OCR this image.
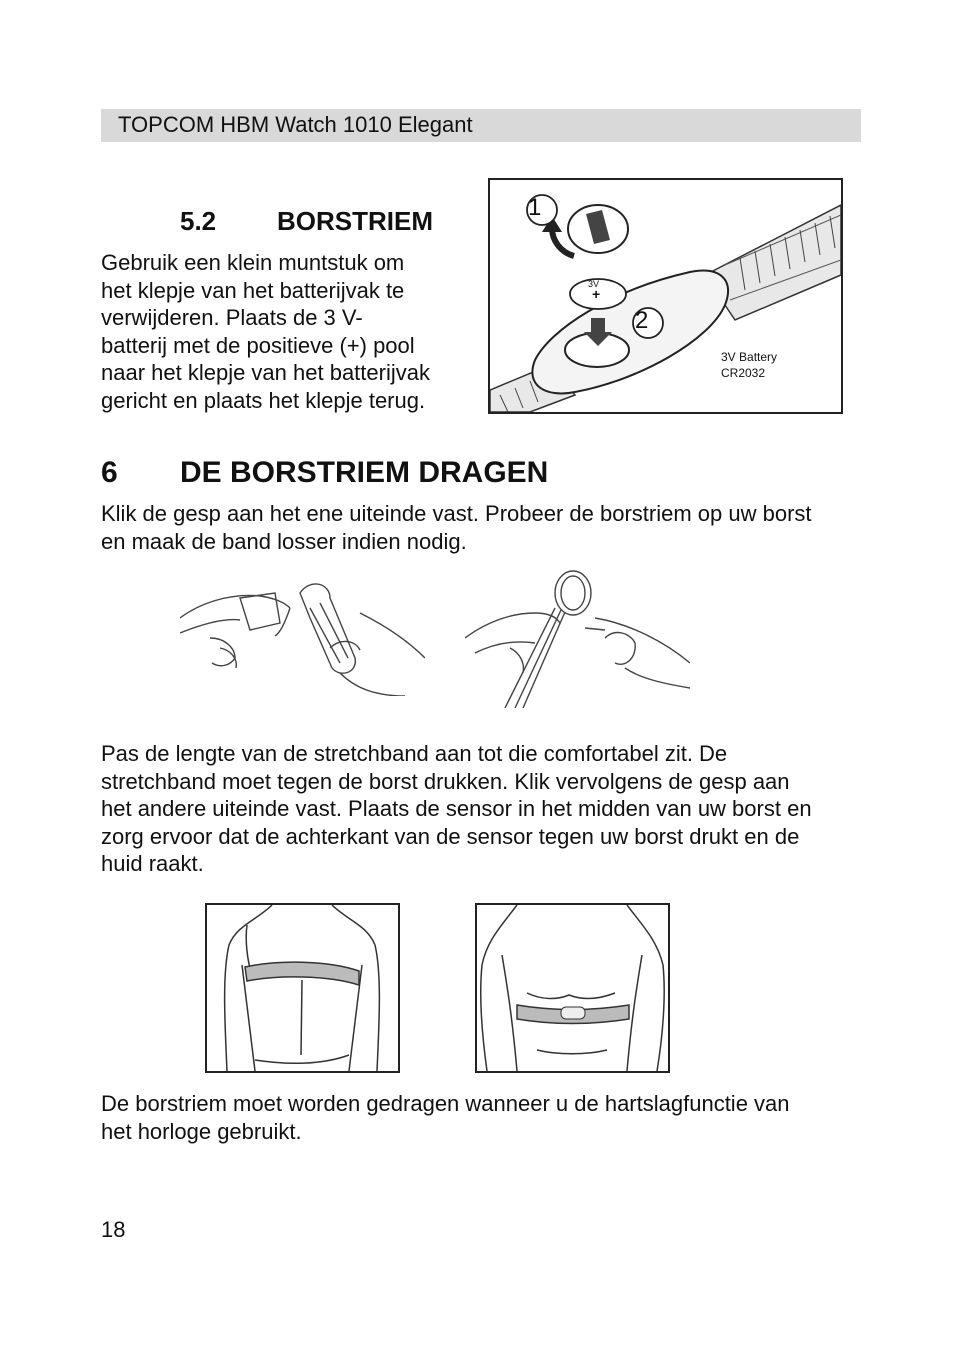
TOPCOM HBM Watch 1010 Elegant
5.2 BORSTRIEM
Gebruik een klein muntstuk om
het klepje van het batterijvak te
verwijderen. Plaats de 3 V-
batterij met de positieve (+) pool
naar het klepje van het batterijvak
gericht en plaats het klepje terug.
1
2
3V
+
3V Battery
CR2032
6 DE BORSTRIEM DRAGEN
Klik de gesp aan het ene uiteinde vast. Probeer de borstriem op uw borst
en maak de band losser indien nodig.
Pas de lengte van de stretchband aan tot die comfortabel zit. De
stretchband moet tegen de borst drukken. Klik vervolgens de gesp aan
het andere uiteinde vast. Plaats de sensor in het midden van uw borst en
zorg ervoor dat de achterkant van de sensor tegen uw borst drukt en de
huid raakt.
De borstriem moet worden gedragen wanneer u de hartslagfunctie van
het horloge gebruikt.
18
